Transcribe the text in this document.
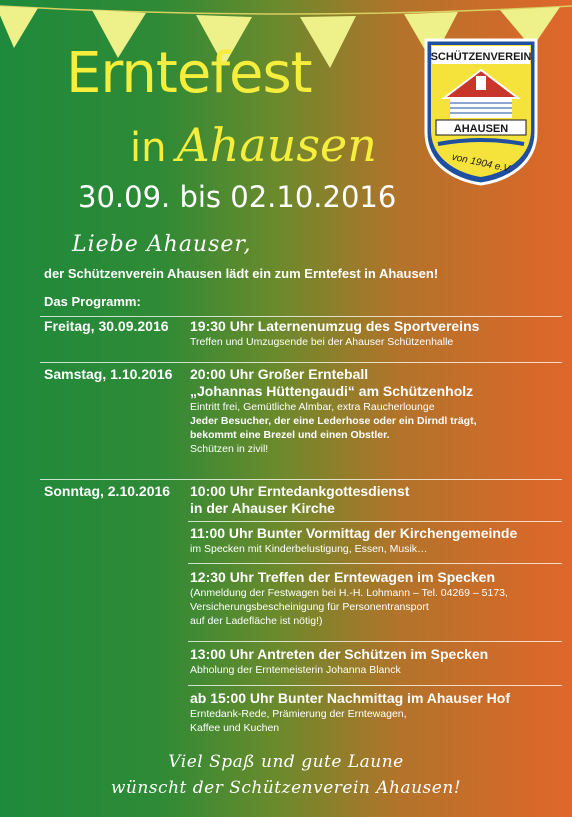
Erntefest
in Ahausen

30.09. bis 02.10.2016

SCHÜTZENVEREIN
AHAUSEN
von 1904 e.V.

Liebe Ahauser,

der Schützenverein Ahausen lädt ein zum Erntefest in Ahausen!

Das Programm:

Freitag, 30.09.2016

Samstag, 1.10.2016

Sonntag, 2.10.2016

19:30 Uhr Laternenumzug des Sportvereins

Treffen und Umzugsende bei der Ahauser Schützenhalle

20:00 Uhr Großer Ernteball

„Johannas Hüttengaudi“ am Schützenholz

Eintritt frei, Gemütliche Almbar, extra Raucherlounge

Jeder Besucher, der eine Lederhose oder ein Dirndl trägt,

bekommt eine Brezel und einen Obstler.

Schützen in zivil!

10:00 Uhr Erntedankgottesdienst

in der Ahauser Kirche

11:00 Uhr Bunter Vormittag der Kirchengemeinde

im Specken mit Kinderbelustigung, Essen, Musik…

12:30 Uhr Treffen der Erntewagen im Specken

(Anmeldung der Festwagen bei H.-H. Lohmann – Tel. 04269 – 5173,

Versicherungsbescheinigung für Personentransport

auf der Ladefläche ist nötig!)

13:00 Uhr Antreten der Schützen im Specken

Abholung der Erntemeisterin Johanna Blanck

ab 15:00 Uhr Bunter Nachmittag im Ahauser Hof

Erntedank-Rede, Prämierung der Erntewagen,

Kaffee und Kuchen

Viel Spaß und gute Laune

wünscht der Schützenverein Ahausen!
